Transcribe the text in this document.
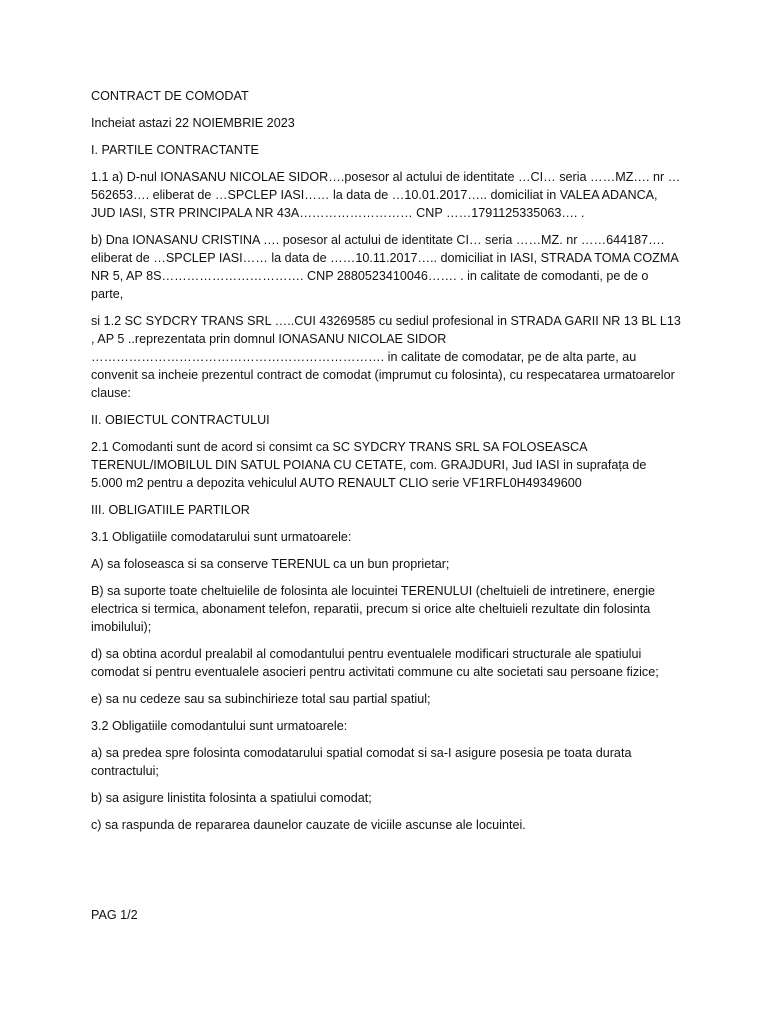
CONTRACT DE COMODAT

Incheiat astazi 22 NOIEMBRIE 2023

I. PARTILE CONTRACTANTE

1.1 a) D-nul IONASANU NICOLAE SIDOR….posesor al actului de identitate …CI… seria ……MZ…. nr … 562653…. eliberat de …SPCLEP IASI…… la data de …10.01.2017….. domiciliat in VALEA ADANCA, JUD IASI, STR PRINCIPALA NR 43A……………………… CNP ……1791125335063…. .

b) Dna IONASANU CRISTINA …. posesor al actului de identitate CI… seria ……MZ. nr ……644187…. eliberat de …SPCLEP IASI…… la data de ……10.11.2017….. domiciliat in IASI, STRADA TOMA COZMA NR 5, AP 8S……………………………. CNP 2880523410046……. . in calitate de comodanti, pe de o parte,

si 1.2 SC SYDCRY TRANS SRL …..CUI 43269585 cu sediul profesional in STRADA GARII NR 13 BL L13 , AP 5 ..reprezentata prin domnul IONASANU NICOLAE SIDOR ……………………………………………………………. in calitate de comodatar, pe de alta parte, au convenit sa incheie prezentul contract de comodat (imprumut cu folosinta), cu respecatarea urmatoarelor clause:

II. OBIECTUL CONTRACTULUI

2.1 Comodanti sunt de acord si consimt ca SC SYDCRY TRANS SRL SA FOLOSEASCA TERENUL/IMOBILUL DIN SATUL POIANA CU CETATE, com. GRAJDURI, Jud IASI in suprafața de 5.000 m2 pentru a depozita vehiculul AUTO RENAULT CLIO serie VF1RFL0H49349600

III. OBLIGATIILE PARTILOR

3.1 Obligatiile comodatarului sunt urmatoarele:

A) sa foloseasca si sa conserve TERENUL ca un bun proprietar;

B) sa suporte toate cheltuielile de folosinta ale locuintei TERENULUI (cheltuieli de intretinere, energie electrica si termica, abonament telefon, reparatii, precum si orice alte cheltuieli rezultate din folosinta imobilului);

d) sa obtina acordul prealabil al comodantului pentru eventualele modificari structurale ale spatiului comodat si pentru eventualele asocieri pentru activitati commune cu alte societati sau persoane fizice;

e) sa nu cedeze sau sa subinchirieze total sau partial spatiul;

3.2 Obligatiile comodantului sunt urmatoarele:

a) sa predea spre folosinta comodatarului spatial comodat si sa-I asigure posesia pe toata durata contractului;

b) sa asigure linistita folosinta a spatiului comodat;

c) sa raspunda de repararea daunelor cauzate de viciile ascunse ale locuintei.

PAG 1/2
